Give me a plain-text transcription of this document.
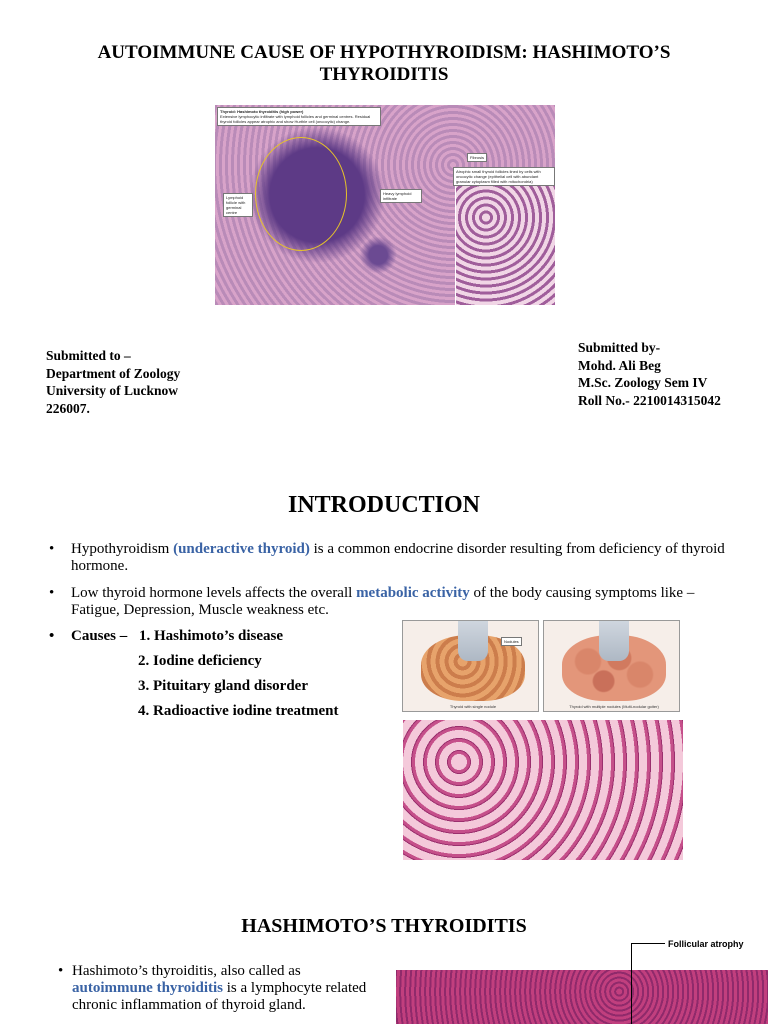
AUTOIMMUNE CAUSE OF HYPOTHYROIDISM: HASHIMOTO’S THYROIDITIS
Thyroid: Hashimoto thyroiditis (high power)
Extensive lymphocytic infiltrate with lymphoid follicles and germinal centres. Residual thyroid follicles appear atrophic and show Hurthle cell (oncocytic) change.
Lymphoid follicle with germinal centre
Heavy lymphoid infiltrate
Fibrosis
Atrophic small thyroid follicles lined by cells with oncocytic change (epithelial cell with abundant granular cytoplasm filled with mitochondria)
Submitted to –
Department of Zoology
University of Lucknow
226007.
Submitted by-
Mohd. Ali Beg
M.Sc. Zoology Sem IV
Roll No.- 2210014315042
INTRODUCTION
• Hypothyroidism (underactive thyroid) is a common endocrine disorder resulting from deficiency of thyroid hormone.
• Low thyroid hormone levels affects the overall metabolic activity of the body causing symptoms like – Fatigue, Depression, Muscle weakness etc.
• Causes – 1. Hashimoto’s disease
2. Iodine deficiency
3. Pituitary gland disorder
4. Radioactive iodine treatment
Nodules
Thyroid with single nodule	Thyroid with multiple nodules (Multi-nodular goiter)
HASHIMOTO’S THYROIDITIS
• Hashimoto’s thyroiditis, also called as autoimmune thyroiditis is a lymphocyte related chronic inflammation of thyroid gland.
Follicular atrophy
